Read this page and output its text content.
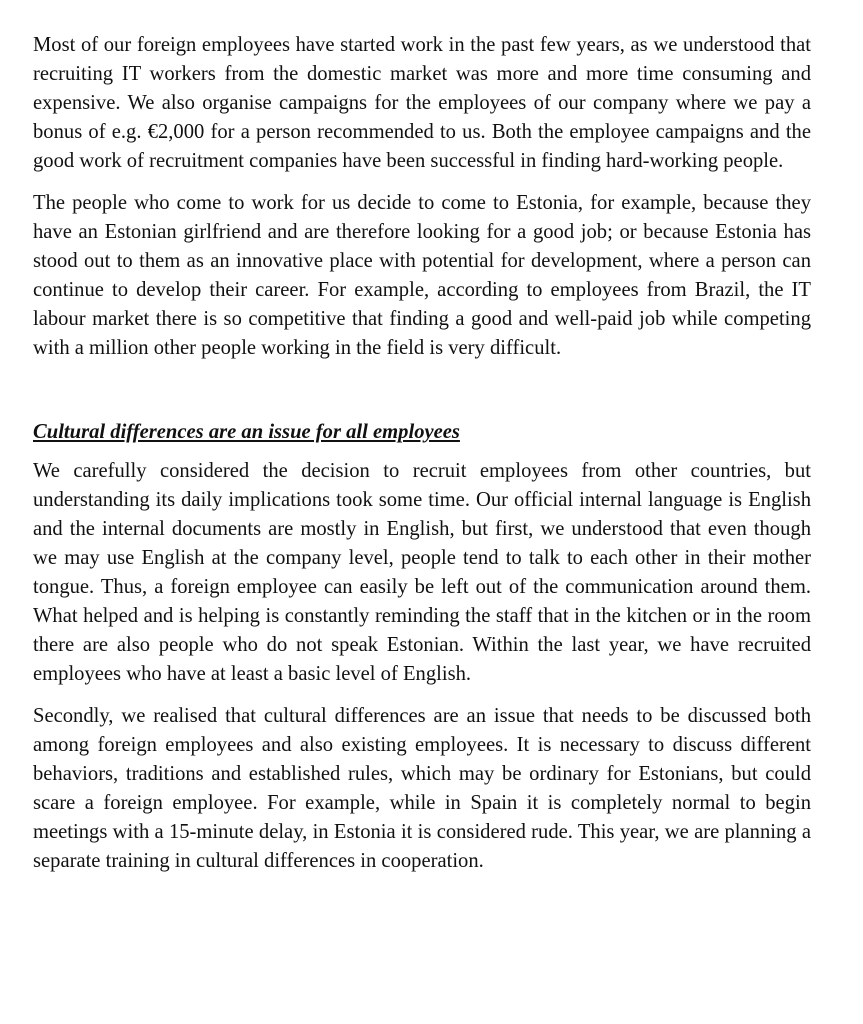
Most of our foreign employees have started work in the past few years, as we understood that recruiting IT workers from the domestic market was more and more time consuming and expensive. We also organise campaigns for the employees of our company where we pay a bonus of e.g. €2,000 for a person recommended to us. Both the employee campaigns and the good work of recruitment companies have been successful in finding hard-working people.

The people who come to work for us decide to come to Estonia, for example, because they have an Estonian girlfriend and are therefore looking for a good job; or because Estonia has stood out to them as an innovative place with potential for development, where a person can continue to develop their career. For example, according to employees from Brazil, the IT labour market there is so competitive that finding a good and well-paid job while competing with a million other people working in the field is very difficult.

Cultural differences are an issue for all employees

We carefully considered the decision to recruit employees from other countries, but understanding its daily implications took some time. Our official internal language is English and the internal documents are mostly in English, but first, we understood that even though we may use English at the company level, people tend to talk to each other in their mother tongue. Thus, a foreign employee can easily be left out of the communication around them. What helped and is helping is constantly reminding the staff that in the kitchen or in the room there are also people who do not speak Estonian. Within the last year, we have recruited employees who have at least a basic level of English.

Secondly, we realised that cultural differences are an issue that needs to be discussed both among foreign employees and also existing employees. It is necessary to discuss different behaviors, traditions and established rules, which may be ordinary for Estonians, but could scare a foreign employee. For example, while in Spain it is completely normal to begin meetings with a 15-minute delay, in Estonia it is considered rude. This year, we are planning a separate training in cultural differences in cooperation.
